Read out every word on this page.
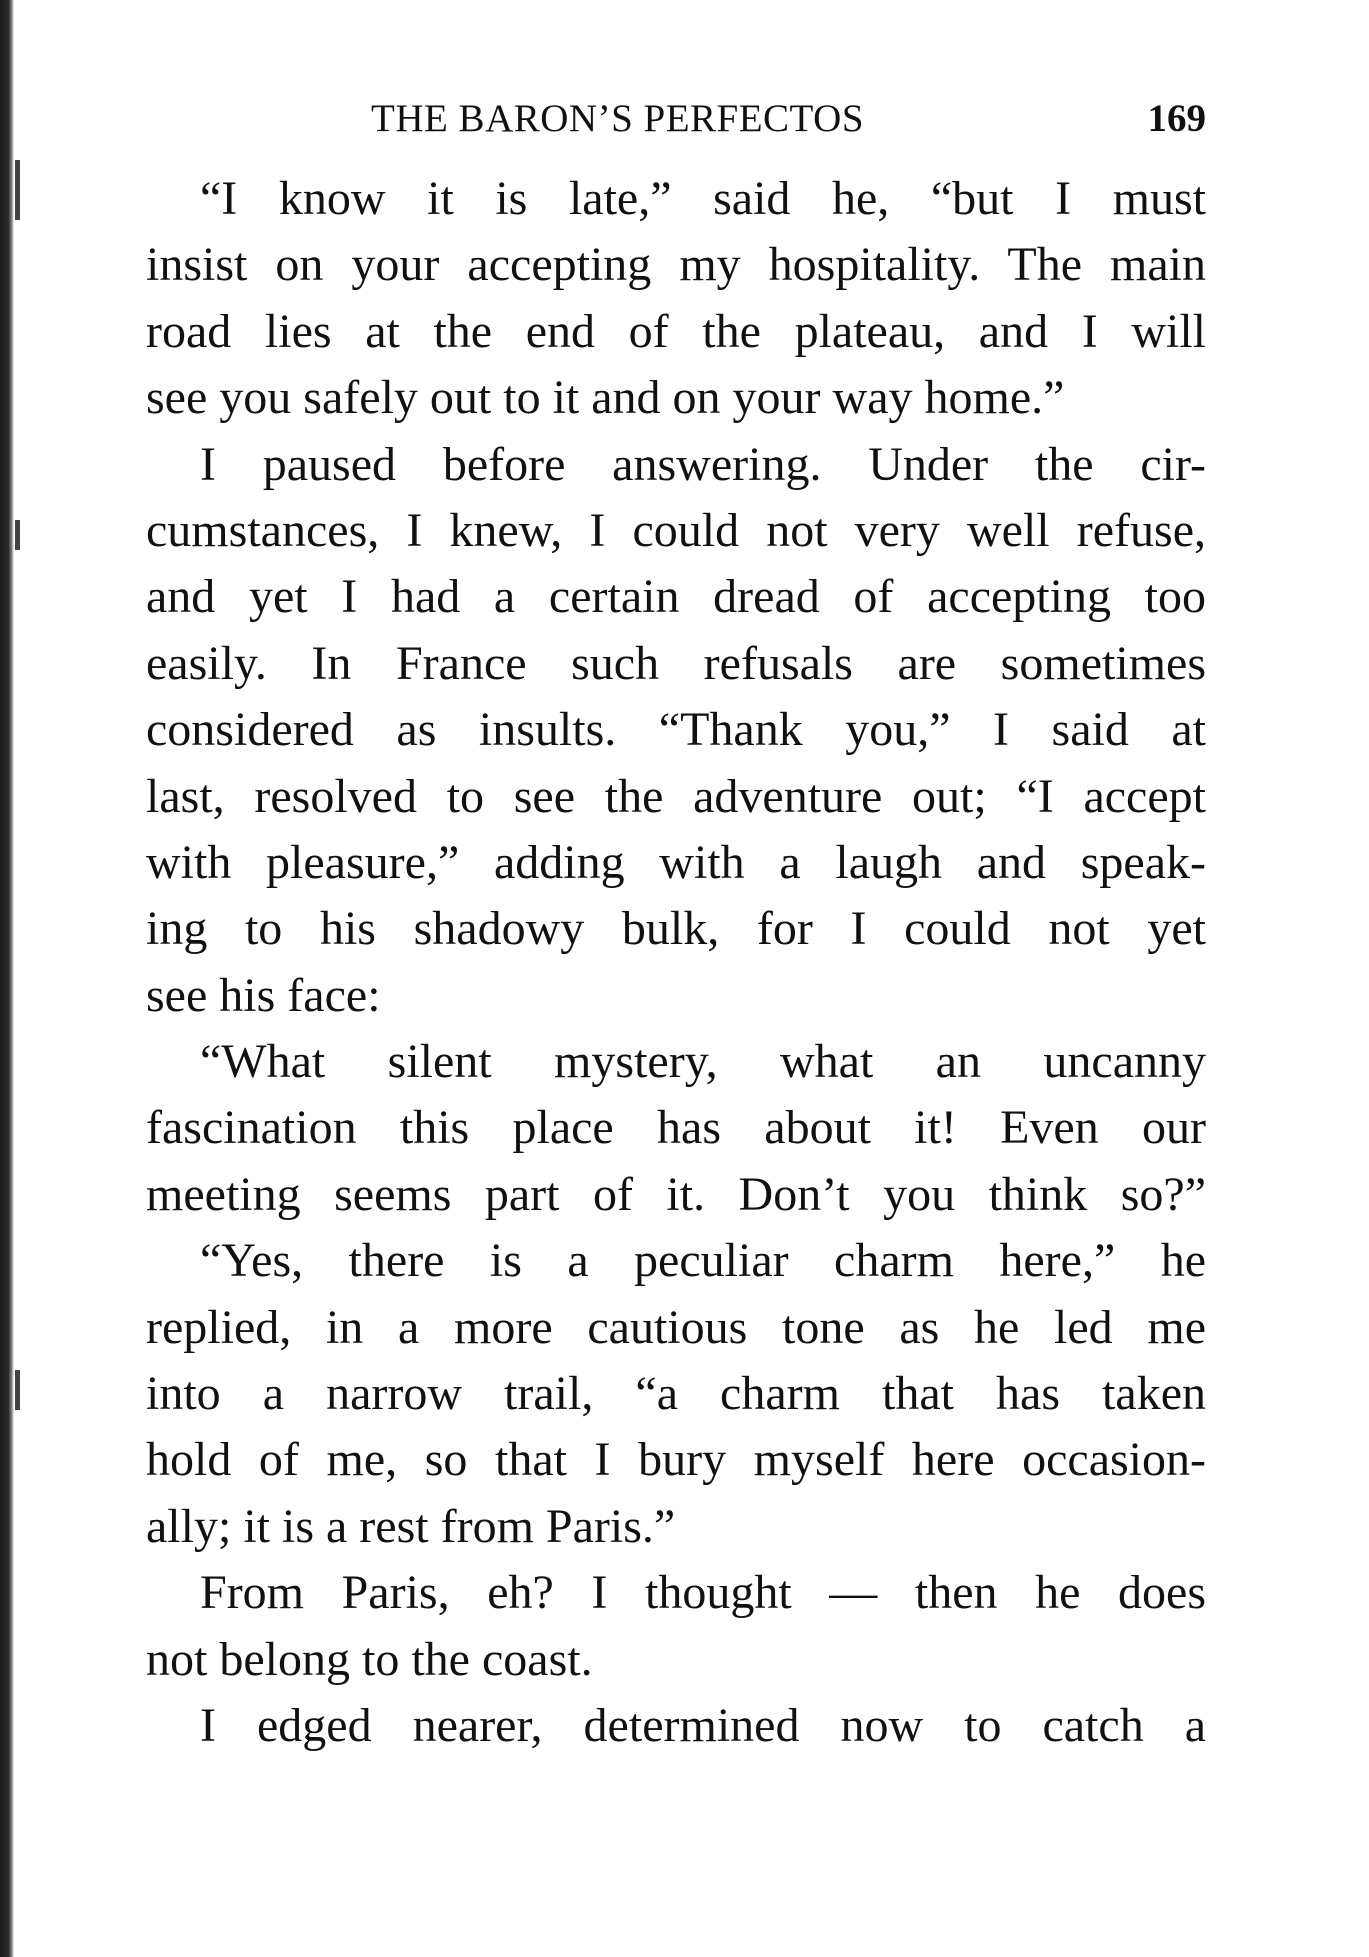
THE BARON’S PERFECTOS	169
“I know it is late,” said he, “but I must
insist on your accepting my hospitality. The main
road lies at the end of the plateau, and I will
see you safely out to it and on your way home.”
I paused before answering. Under the cir-
cumstances, I knew, I could not very well refuse,
and yet I had a certain dread of accepting too
easily. In France such refusals are sometimes
considered as insults. “Thank you,” I said at
last, resolved to see the adventure out; “I accept
with pleasure,” adding with a laugh and speak-
ing to his shadowy bulk, for I could not yet
see his face:
“What silent mystery, what an uncanny
fascination this place has about it! Even our
meeting seems part of it. Don’t you think so?”
“Yes, there is a peculiar charm here,” he
replied, in a more cautious tone as he led me
into a narrow trail, “a charm that has taken
hold of me, so that I bury myself here occasion-
ally; it is a rest from Paris.”
From Paris, eh? I thought — then he does
not belong to the coast.
I edged nearer, determined now to catch a
